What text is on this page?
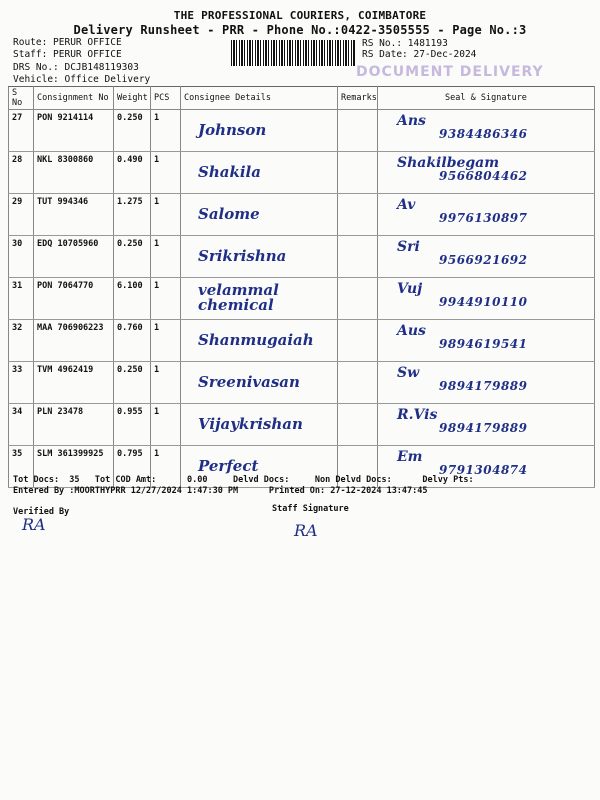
THE PROFESSIONAL COURIERS, COIMBATORE
Delivery Runsheet - PRR - Phone No.:0422-3505555 - Page No.:3
Route: PERUR OFFICE
Staff: PERUR OFFICE
DRS No.: DCJB148119303
Vehicle: Office Delivery
RS No.: 1481193
RS Date: 27-Dec-2024
DOCUMENT DELIVERY
S No	Consignment No	Weight	PCS	Consignee Details	Remarks	Seal & Signature
27	PON 9214114	0.250	1	Johnson		Ans
9384486346

28	NKL 8300860	0.490	1	Shakila		Shakilbegam
9566804462

29	TUT 994346	1.275	1	Salome		Av
9976130897

30	EDQ 10705960	0.250	1	Srikrishna		Sri
9566921692

31	PON 7064770	6.100	1	velammal chemical		Vuj
9944910110

32	MAA 706906223	0.760	1	Shanmugaiah		Aus
9894619541

33	TVM 4962419	0.250	1	Sreenivasan		Sw
9894179889

34	PLN 23478	0.955	1	Vijaykrishan		R.Vis
9894179889

35	SLM 361399925	0.795	1	Perfect		Em
9791304874
Tot Docs:  35   Tot COD Amt:      0.00     Delvd Docs:     Non Delvd Docs:      Delvy Pts:
Entered By :MOORTHYPRR 12/27/2024 1:47:30 PM      Printed On: 27-12-2024 13:47:45
Verified By
RA
Staff Signature
RA
